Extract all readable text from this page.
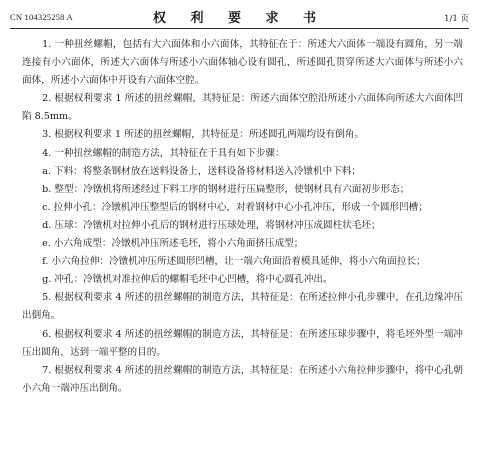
CN 104325258 A	权 利 要 求 书	1/1 页

1. 一种扭丝螺帽，包括有大六面体和小六面体，其特征在于：所述大六面体一端设有圆角，另一端连接有小六面体，所述大六面体与所述小六面体轴心设有圆孔，所述圆孔贯穿所述大六面体与所述小六面体，所述小六面体中开设有六面体空腔。

2. 根据权利要求 1 所述的扭丝螺帽，其特征是：所述六面体空腔沿所述小六面体向所述大六面体凹陷 8.5mm。

3. 根据权利要求 1 所述的扭丝螺帽，其特征是：所述圆孔两端均设有倒角。

4. 一种扭丝螺帽的制造方法，其特征在于具有如下步骤：

a. 下料：将整条钢材放在送料设备上，送料设备将材料送入冷镦机中下料；

b. 整型：冷镦机将所述经过下料工序的钢材进行压扁整形，使钢材具有六面初步形态；

c. 拉伸小孔：冷镦机冲压整型后的钢材中心，对着钢材中心小孔冲压，形成一个圆形凹槽；

d. 压球：冷镦机对拉伸小孔后的钢材进行压球处理，将钢材冲压成圆柱状毛坯；

e. 小六角成型：冷镦机冲压所述毛坯，将小六角面挤压成型；

f. 小六角拉伸：冷镦机冲压所述圆形凹槽，让一端六角面沿着模具延伸，将小六角面拉长；

g. 冲孔：冷镦机对准拉伸后的螺帽毛坯中心凹槽，将中心圆孔冲出。

5. 根据权利要求 4 所述的扭丝螺帽的制造方法，其特征是：在所述拉伸小孔步骤中，在孔边缘冲压出倒角。

6. 根据权利要求 4 所述的扭丝螺帽的制造方法，其特征是：在所述压球步骤中，将毛坯外型一端冲压出圆角，达到一端平整的目的。

7. 根据权利要求 4 所述的扭丝螺帽的制造方法，其特征是：在所述小六角拉伸步骤中，将中心孔朝小六角一端冲压出倒角。
